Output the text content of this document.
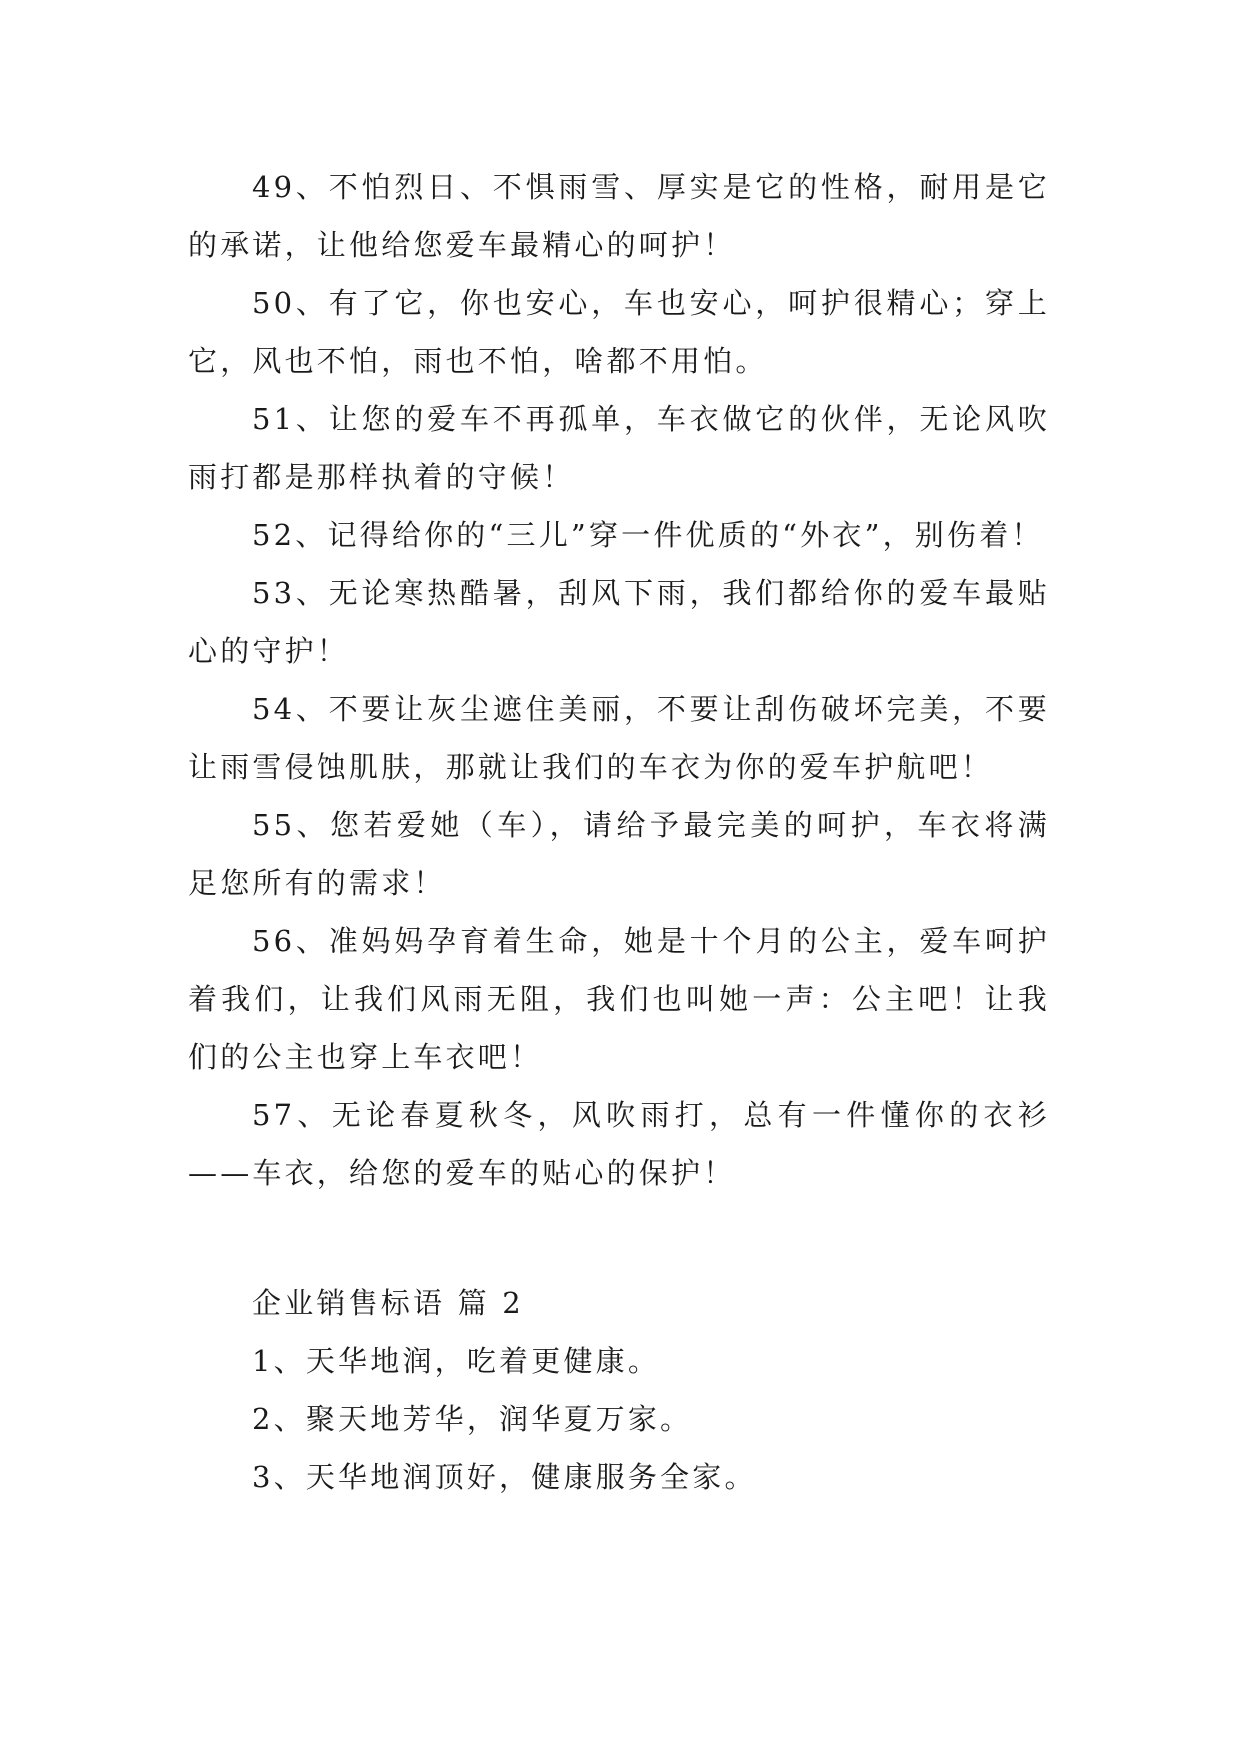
49、不怕烈日、不惧雨雪、厚实是它的性格，耐用是它的承诺，让他给您爱车最精心的呵护！

50、有了它，你也安心，车也安心，呵护很精心；穿上它，风也不怕，雨也不怕，啥都不用怕。

51、让您的爱车不再孤单，车衣做它的伙伴，无论风吹雨打都是那样执着的守候！

52、记得给你的“三儿”穿一件优质的“外衣”，别伤着！

53、无论寒热酷暑，刮风下雨，我们都给你的爱车最贴心的守护！

54、不要让灰尘遮住美丽，不要让刮伤破坏完美，不要让雨雪侵蚀肌肤，那就让我们的车衣为你的爱车护航吧！

55、您若爱她（车），请给予最完美的呵护，车衣将满足您所有的需求！

56、准妈妈孕育着生命，她是十个月的公主，爱车呵护着我们，让我们风雨无阻，我们也叫她一声：公主吧！让我们的公主也穿上车衣吧！

57、无论春夏秋冬，风吹雨打，总有一件懂你的衣衫——车衣，给您的爱车的贴心的保护！

企业销售标语 篇 2

1、天华地润，吃着更健康。

2、聚天地芳华，润华夏万家。

3、天华地润顶好，健康服务全家。
